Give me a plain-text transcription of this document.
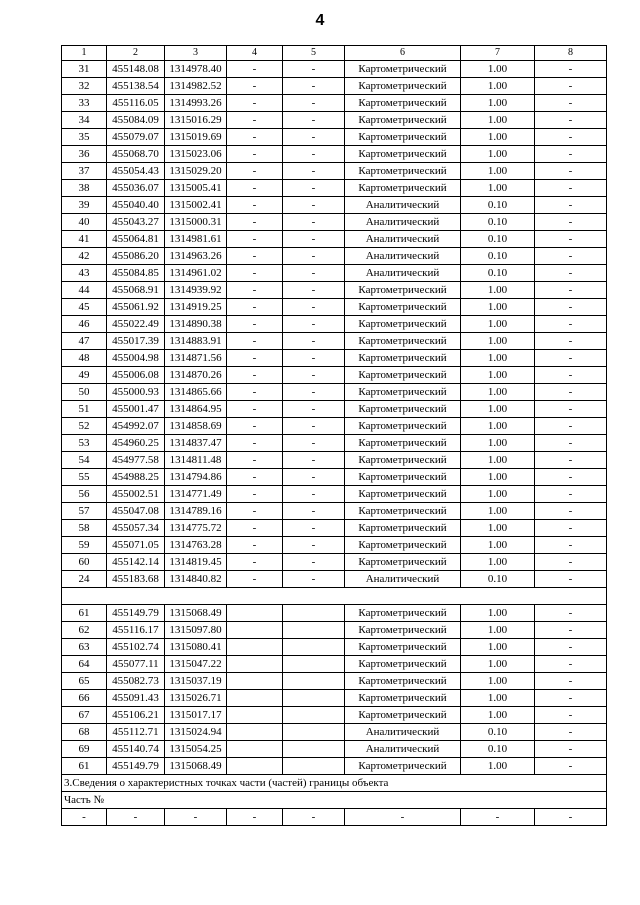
4
1	2	3	4	5	6	7	8
31	455148.08	1314978.40	-	-	Картометрический	1.00	-
32	455138.54	1314982.52	-	-	Картометрический	1.00	-
33	455116.05	1314993.26	-	-	Картометрический	1.00	-
34	455084.09	1315016.29	-	-	Картометрический	1.00	-
35	455079.07	1315019.69	-	-	Картометрический	1.00	-
36	455068.70	1315023.06	-	-	Картометрический	1.00	-
37	455054.43	1315029.20	-	-	Картометрический	1.00	-
38	455036.07	1315005.41	-	-	Картометрический	1.00	-
39	455040.40	1315002.41	-	-	Аналитический	0.10	-
40	455043.27	1315000.31	-	-	Аналитический	0.10	-
41	455064.81	1314981.61	-	-	Аналитический	0.10	-
42	455086.20	1314963.26	-	-	Аналитический	0.10	-
43	455084.85	1314961.02	-	-	Аналитический	0.10	-
44	455068.91	1314939.92	-	-	Картометрический	1.00	-
45	455061.92	1314919.25	-	-	Картометрический	1.00	-
46	455022.49	1314890.38	-	-	Картометрический	1.00	-
47	455017.39	1314883.91	-	-	Картометрический	1.00	-
48	455004.98	1314871.56	-	-	Картометрический	1.00	-
49	455006.08	1314870.26	-	-	Картометрический	1.00	-
50	455000.93	1314865.66	-	-	Картометрический	1.00	-
51	455001.47	1314864.95	-	-	Картометрический	1.00	-
52	454992.07	1314858.69	-	-	Картометрический	1.00	-
53	454960.25	1314837.47	-	-	Картометрический	1.00	-
54	454977.58	1314811.48	-	-	Картометрический	1.00	-
55	454988.25	1314794.86	-	-	Картометрический	1.00	-
56	455002.51	1314771.49	-	-	Картометрический	1.00	-
57	455047.08	1314789.16	-	-	Картометрический	1.00	-
58	455057.34	1314775.72	-	-	Картометрический	1.00	-
59	455071.05	1314763.28	-	-	Картометрический	1.00	-
60	455142.14	1314819.45	-	-	Картометрический	1.00	-
24	455183.68	1314840.82	-	-	Аналитический	0.10	-

61	455149.79	1315068.49			Картометрический	1.00	-
62	455116.17	1315097.80			Картометрический	1.00	-
63	455102.74	1315080.41			Картометрический	1.00	-
64	455077.11	1315047.22			Картометрический	1.00	-
65	455082.73	1315037.19			Картометрический	1.00	-
66	455091.43	1315026.71			Картометрический	1.00	-
67	455106.21	1315017.17			Картометрический	1.00	-
68	455112.71	1315024.94			Аналитический	0.10	-
69	455140.74	1315054.25			Аналитический	0.10	-
61	455149.79	1315068.49			Картометрический	1.00	-
3.Сведения о характеристных точках части (частей) границы объекта							
Часть №							
-	-	-	-	-	-	-	-
